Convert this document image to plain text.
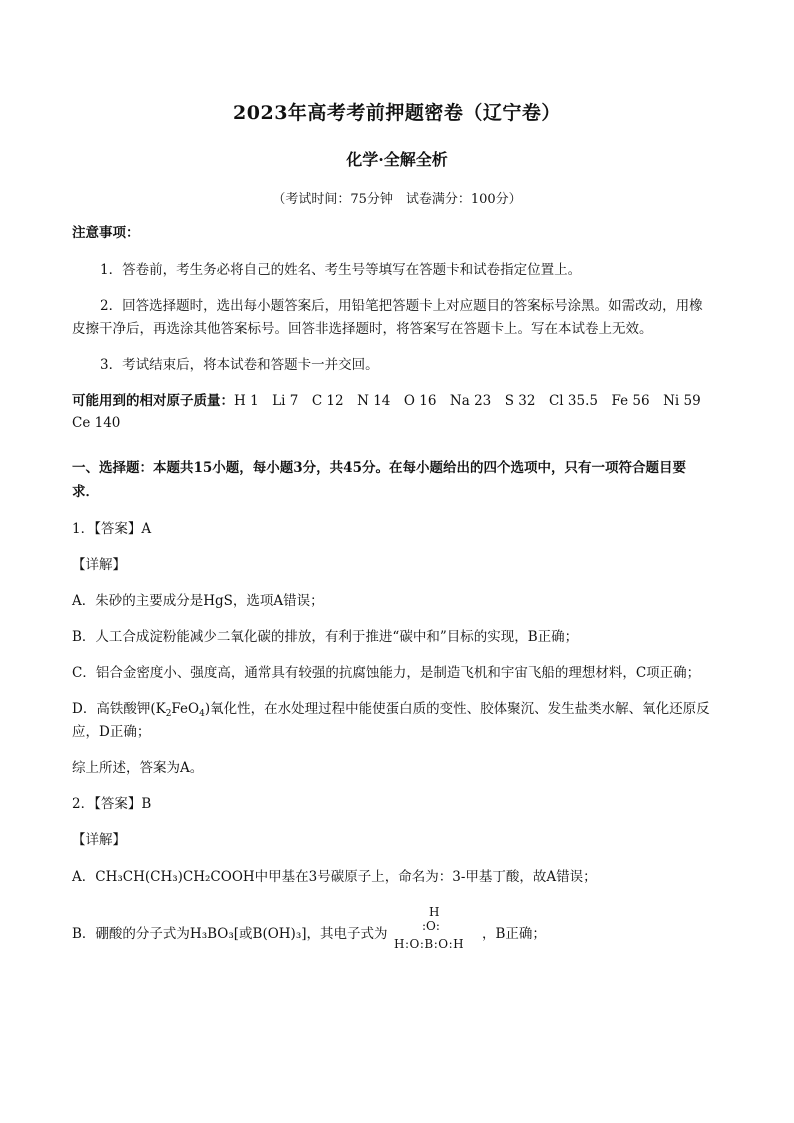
2023年高考考前押题密卷（辽宁卷）
化学·全解全析
（考试时间：75分钟　试卷满分：100分）
注意事项：
1．答卷前，考生务必将自己的姓名、考生号等填写在答题卡和试卷指定位置上。
2．回答选择题时，选出每小题答案后，用铅笔把答题卡上对应题目的答案标号涂黑。如需改动，用橡
皮擦干净后，再选涂其他答案标号。回答非选择题时，将答案写在答题卡上。写在本试卷上无效。
3．考试结束后，将本试卷和答题卡一并交回。
可能用到的相对原子质量：H 1　Li 7　C 12　N 14　O 16　Na 23　S 32　Cl 35.5　Fe 56　Ni 59　Ce 140
一、选择题：本题共15小题，每小题3分，共45分。在每小题给出的四个选项中，只有一项符合题目要
求．
1．【答案】A
【详解】
A．朱砂的主要成分是HgS，选项A错误；
B．人工合成淀粉能减少二氧化碳的排放，有利于推进“碳中和”目标的实现，B正确；
C．铝合金密度小、强度高，通常具有较强的抗腐蚀能力，是制造飞机和宇宙飞船的理想材料，C项正确；
D．高铁酸钾$(K_2FeO_4)$氧化性，在水处理过程中能使蛋白质的变性、胶体聚沉、发生盐类水解、氧化还原反
应，D正确；
综上所述，答案为A。
2．【答案】B
【详解】
A．CH₃CH(CH₃)CH₂COOH中甲基在3号碳原子上，命名为：3-甲基丁酸，故A错误；
B．硼酸的分子式为H₃BO₃[或B(OH)₃]，其电子式为
H
:O:
H:O:B:O:H
，B正确；
